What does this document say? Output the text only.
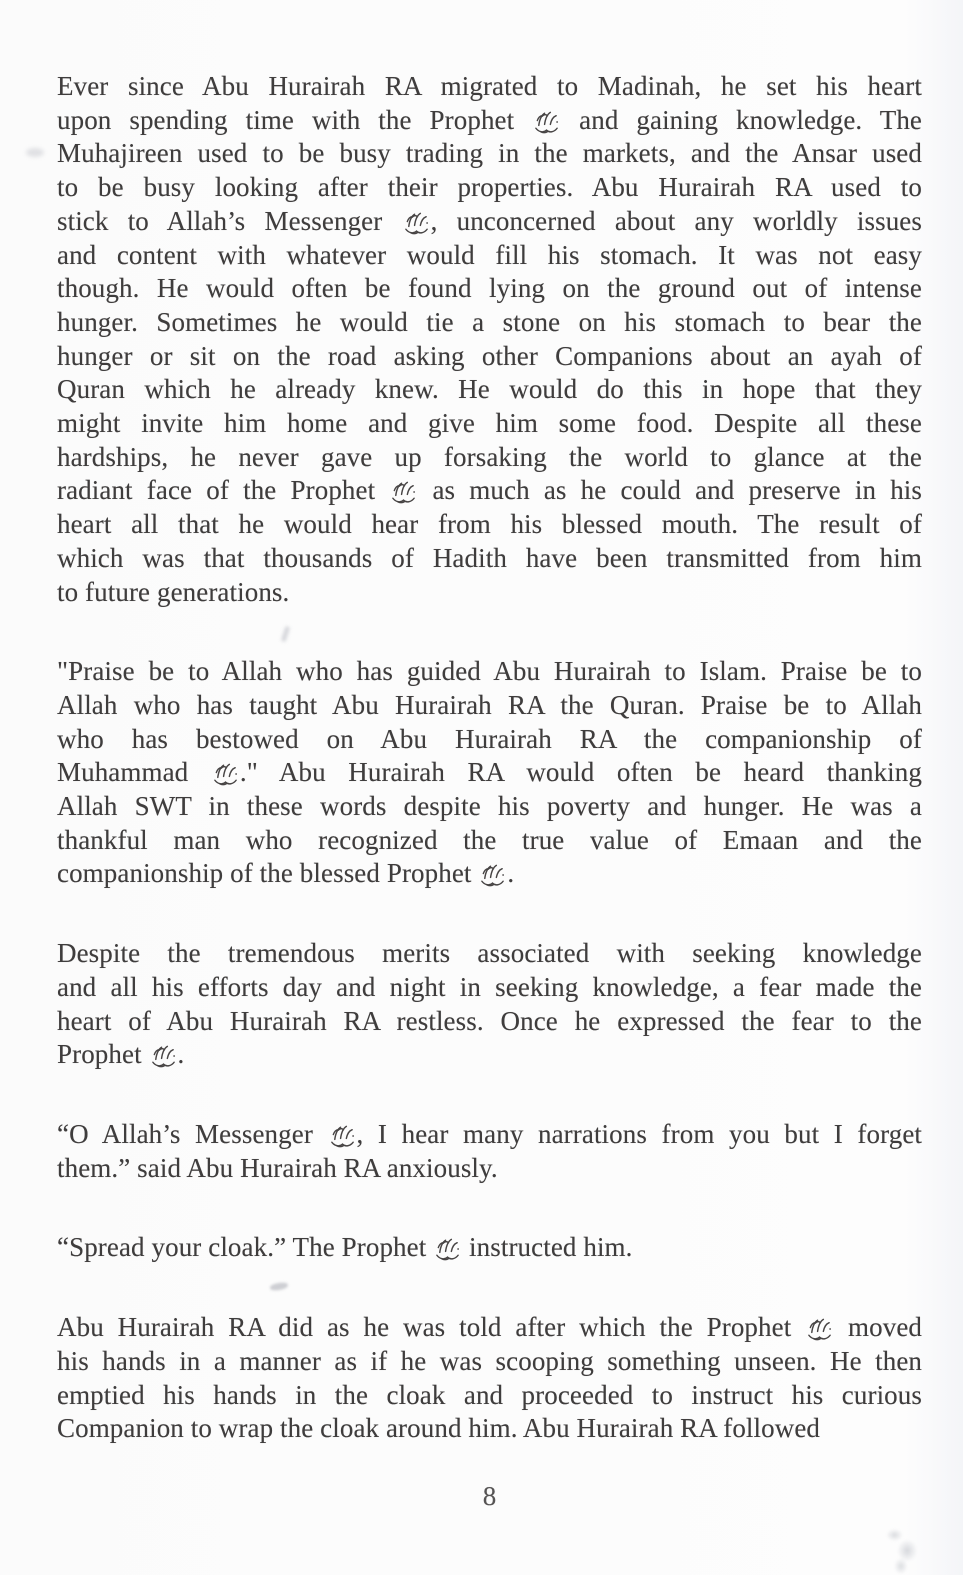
Ever since Abu Hurairah RA migrated to Madinah, he set his heart
upon spending time with the Prophet
and gaining knowledge. The
Muhajireen used to be busy trading in the markets, and the Ansar used
to be busy looking after their properties. Abu Hurairah RA used to
stick to Allah’s Messenger
, unconcerned about any worldly issues
and content with whatever would fill his stomach. It was not easy
though. He would often be found lying on the ground out of intense
hunger. Sometimes he would tie a stone on his stomach to bear the
hunger or sit on the road asking other Companions about an ayah of
Quran which he already knew. He would do this in hope that they
might invite him home and give him some food. Despite all these
hardships, he never gave up forsaking the world to glance at the
radiant face of the Prophet
as much as he could and preserve in his
heart all that he would hear from his blessed mouth. The result of
which was that thousands of Hadith have been transmitted from him
to future generations.

"Praise be to Allah who has guided Abu Hurairah to Islam. Praise be to
Allah who has taught Abu Hurairah RA the Quran. Praise be to Allah
who has bestowed on Abu Hurairah RA the companionship of
Muhammad
." Abu Hurairah RA would often be heard thanking
Allah SWT in these words despite his poverty and hunger. He was a
thankful man who recognized the true value of Emaan and the
companionship of the blessed Prophet
.

Despite the tremendous merits associated with seeking knowledge
and all his efforts day and night in seeking knowledge, a fear made the
heart of Abu Hurairah RA restless. Once he expressed the fear to the
Prophet
.

“O Allah’s Messenger
, I hear many narrations from you but I forget
them.” said Abu Hurairah RA anxiously.

“Spread your cloak.” The Prophet
instructed him.

Abu Hurairah RA did as he was told after which the Prophet
moved
his hands in a manner as if he was scooping something unseen. He then
emptied his hands in the cloak and proceeded to instruct his curious
Companion to wrap the cloak around him. Abu Hurairah RA followed

8
